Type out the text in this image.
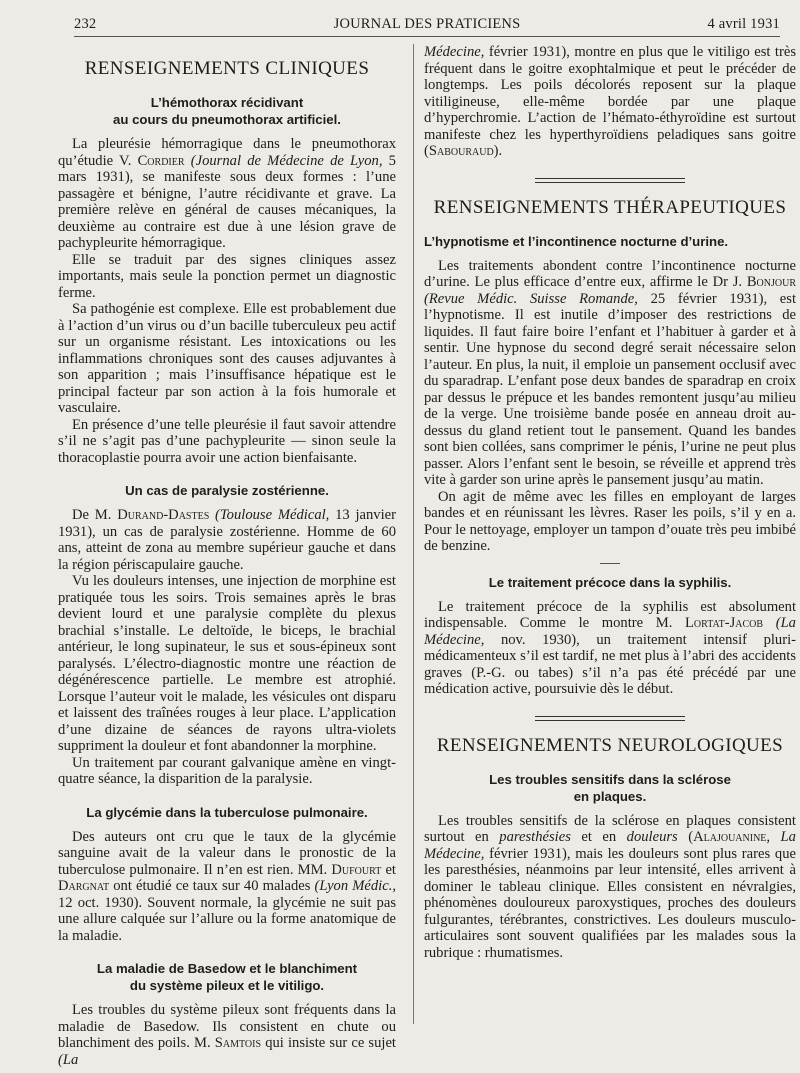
232	JOURNAL DES PRATICIENS	4 avril 1931
RENSEIGNEMENTS CLINIQUES
L’hémothorax récidivant
au cours du pneumothorax artificiel.

La pleurésie hémorragique dans le pneumothorax qu’étudie V. Cordier (Journal de Médecine de Lyon, 5 mars 1931), se manifeste sous deux formes : l’une passagère et bénigne, l’autre récidivante et grave. La première relève en général de causes mécaniques, la deuxième au contraire est due à une lésion grave de pachypleurite hémorragique.

Elle se traduit par des signes cliniques assez importants, mais seule la ponction permet un diagnostic ferme.

Sa pathogénie est complexe. Elle est probablement due à l’action d’un virus ou d’un bacille tuberculeux peu actif sur un organisme résistant. Les intoxications ou les inflammations chroniques sont des causes adjuvantes à son apparition ; mais l’insuffisance hépatique est le principal facteur par son action à la fois humorale et vasculaire.

En présence d’une telle pleurésie il faut savoir attendre s’il ne s’agit pas d’une pachypleurite — sinon seule la thoracoplastie pourra avoir une action bienfaisante.

Un cas de paralysie zostérienne.

De M. Durand-Dastes (Toulouse Médical, 13 janvier 1931), un cas de paralysie zostérienne. Homme de 60 ans, atteint de zona au membre supérieur gauche et dans la région périscapulaire gauche.

Vu les douleurs intenses, une injection de morphine est pratiquée tous les soirs. Trois semaines après le bras devient lourd et une paralysie complète du plexus brachial s’installe. Le deltoïde, le biceps, le brachial antérieur, le long supinateur, le sus et sous-épineux sont paralysés. L’électro-diagnostic montre une réaction de dégénérescence partielle. Le membre est atrophié. Lorsque l’auteur voit le malade, les vésicules ont disparu et laissent des traînées rouges à leur place. L’application d’une dizaine de séances de rayons ultra-violets suppriment la douleur et font abandonner la morphine.

Un traitement par courant galvanique amène en vingt-quatre séance, la disparition de la paralysie.

La glycémie dans la tuberculose pulmonaire.

Des auteurs ont cru que le taux de la glycémie sanguine avait de la valeur dans le pronostic de la tuberculose pulmonaire. Il n’en est rien. MM. Dufourt et Dargnat ont étudié ce taux sur 40 malades (Lyon Médic., 12 oct. 1930). Souvent normale, la glycémie ne suit pas une allure calquée sur l’allure ou la forme anatomique de la maladie.

La maladie de Basedow et le blanchiment
du système pileux et le vitiligo.

Les troubles du système pileux sont fréquents dans la maladie de Basedow. Ils consistent en chute ou blanchiment des poils. M. Samtois qui insiste sur ce sujet (La

Médecine, février 1931), montre en plus que le vitiligo est très fréquent dans le goitre exophtalmique et peut le précéder de longtemps. Les poils décolorés reposent sur la plaque vitiligineuse, elle-même bordée par une plaque d’hyperchromie. L’action de l’hémato-éthyroïdine est surtout manifeste chez les hyperthyroïdiens peladiques sans goitre (Sabouraud).

RENSEIGNEMENTS THÉRAPEUTIQUES
L’hypnotisme et l’incontinence nocturne d’urine.

Les traitements abondent contre l’incontinence nocturne d’urine. Le plus efficace d’entre eux, affirme le Dr J. Bonjour (Revue Médic. Suisse Romande, 25 février 1931), est l’hypnotisme. Il est inutile d’imposer des restrictions de liquides. Il faut faire boire l’enfant et l’habituer à garder et à sentir. Une hypnose du second degré serait nécessaire selon l’auteur. En plus, la nuit, il emploie un pansement occlusif avec du sparadrap. L’enfant pose deux bandes de sparadrap en croix par dessus le prépuce et les bandes remontent jusqu’au milieu de la verge. Une troisième bande posée en anneau droit au-dessus du gland retient tout le pansement. Quand les bandes sont bien collées, sans comprimer le pénis, l’urine ne peut plus passer. Alors l’enfant sent le besoin, se réveille et apprend très vite à garder son urine après le pansement jusqu’au matin.

On agit de même avec les filles en employant de larges bandes et en réunissant les lèvres. Raser les poils, s’il y en a. Pour le nettoyage, employer un tampon d’ouate très peu imbibé de benzine.

Le traitement précoce dans la syphilis.

Le traitement précoce de la syphilis est absolument indispensable. Comme le montre M. Lortat-Jacob (La Médecine, nov. 1930), un traitement intensif pluri-médicamenteux s’il est tardif, ne met plus à l’abri des accidents graves (P.-G. ou tabes) s’il n’a pas été précédé par une médication active, poursuivie dès le début.

RENSEIGNEMENTS NEUROLOGIQUES
Les troubles sensitifs dans la sclérose
en plaques.

Les troubles sensitifs de la sclérose en plaques consistent surtout en paresthésies et en douleurs (Alajouanine, La Médecine, février 1931), mais les douleurs sont plus rares que les paresthésies, néanmoins par leur intensité, elles arrivent à dominer le tableau clinique. Elles consistent en névralgies, phénomènes douloureux paroxystiques, proches des douleurs fulgurantes, térébrantes, constrictives. Les douleurs musculo-articulaires sont souvent qualifiées par les malades sous la rubrique : rhumatismes.
